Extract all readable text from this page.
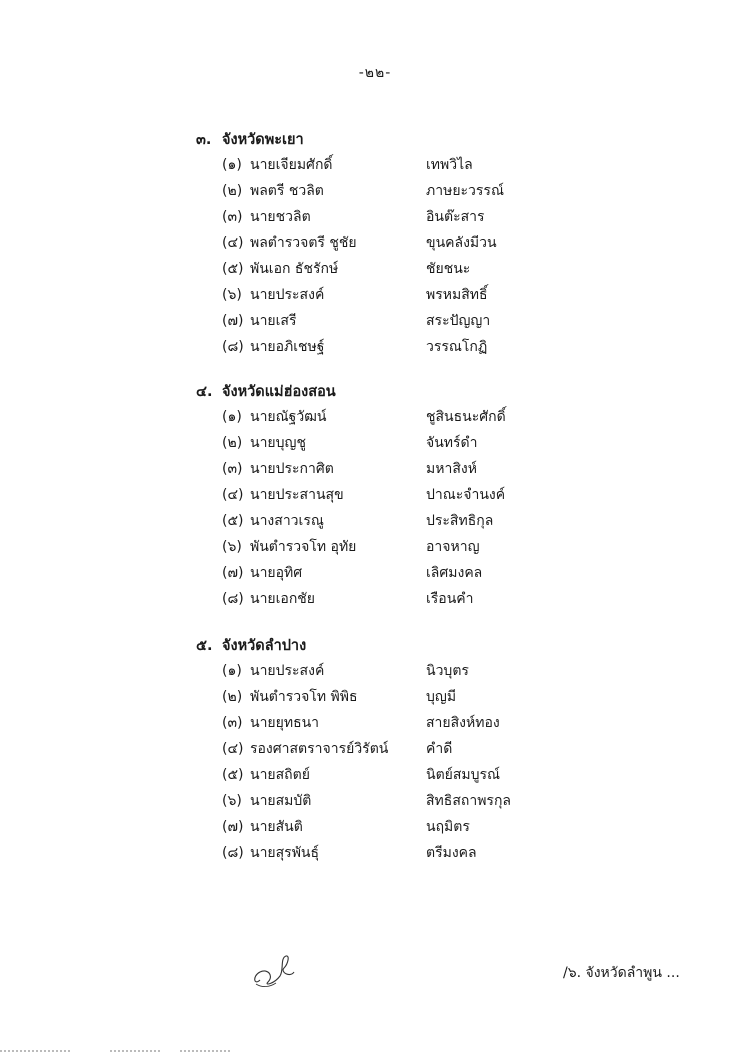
-๒๒-
๓. จังหวัดพะเยา
(๑) นายเจียมศักดิ์	เทพวิไล
(๒) พลตรี ชวลิต	ภาษยะวรรณ์
(๓) นายชวลิต	อินต๊ะสาร
(๔) พลตำรวจตรี ชูชัย	ขุนคลังมีวน
(๕) พันเอก ธัชรักษ์	ชัยชนะ
(๖) นายประสงค์	พรหมสิทธิ์
(๗) นายเสรี	สระปัญญา
(๘) นายอภิเชษฐ์	วรรณโกฏิ
๔. จังหวัดแม่ฮ่องสอน
(๑) นายณัฐวัฒน์	ชูสินธนะศักดิ์
(๒) นายบุญชู	จันทร์ดำ
(๓) นายประกาศิต	มหาสิงห์
(๔) นายประสานสุข	ปาณะจำนงค์
(๕) นางสาวเรณู	ประสิทธิกุล
(๖) พันตำรวจโท อุทัย	อาจหาญ
(๗) นายอุทิศ	เลิศมงคล
(๘) นายเอกชัย	เรือนคำ
๕. จังหวัดลำปาง
(๑) นายประสงค์	นิวบุตร
(๒) พันตำรวจโท พิพิธ	บุญมี
(๓) นายยุทธนา	สายสิงห์ทอง
(๔) รองศาสตราจารย์วิรัตน์	คำดี
(๕) นายสถิตย์	นิตย์สมบูรณ์
(๖) นายสมบัติ	สิทธิสถาพรกุล
(๗) นายสันติ	นฤมิตร
(๘) นายสุรพันธุ์	ตรีมงคล
/๖. จังหวัดลำพูน ...
